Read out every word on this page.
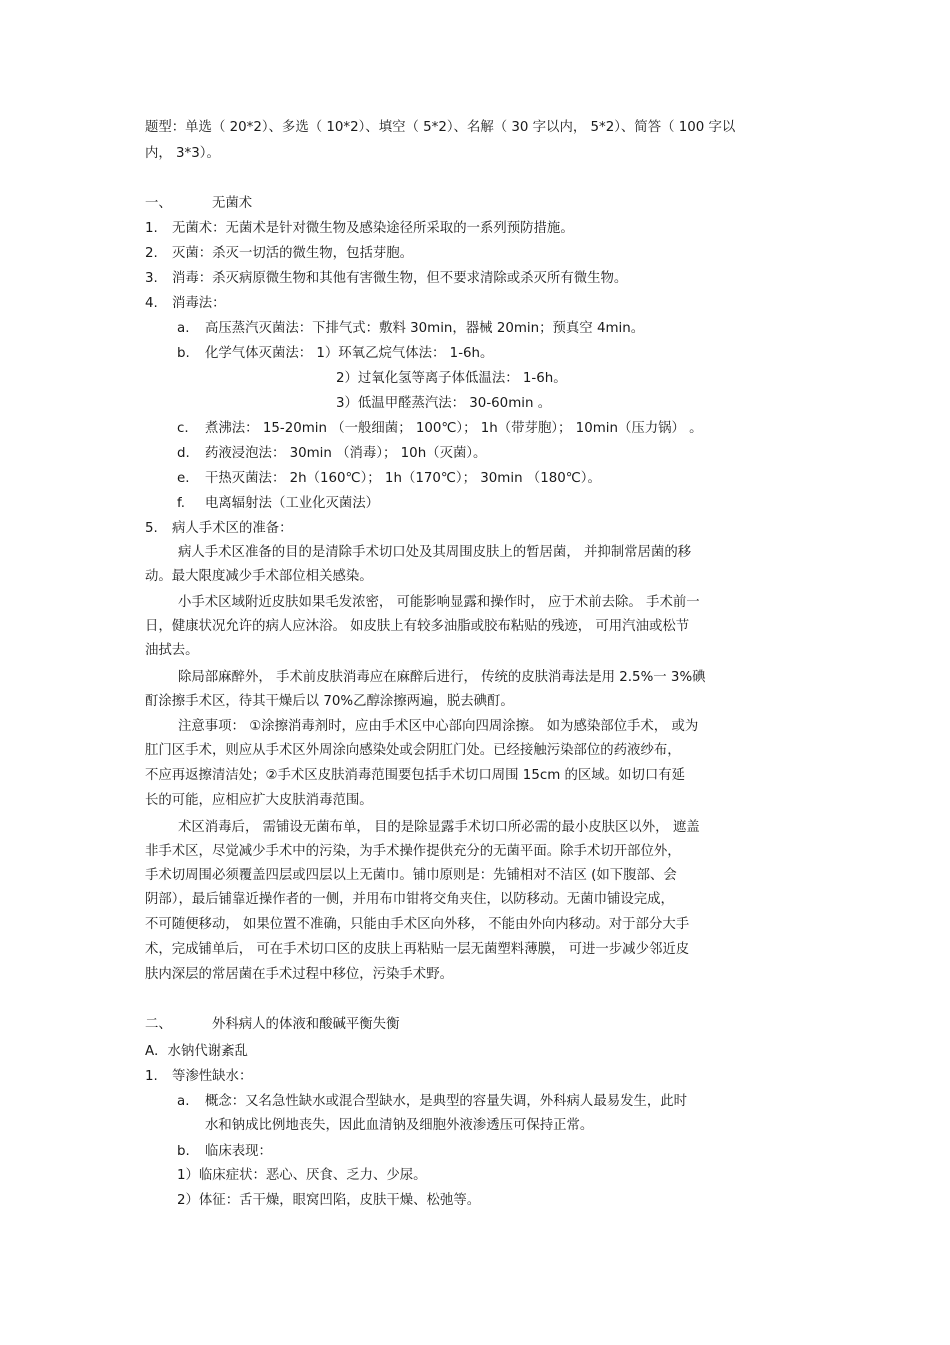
题型：单选（ 20*2）、多选（ 10*2）、填空（ 5*2）、名解（ 30 字以内， 5*2）、简答（ 100 字以
内， 3*3）。
一、	无菌术
1. 无菌术：无菌术是针对微生物及感染途径所采取的一系列预防措施。
2. 灭菌：杀灭一切活的微生物，包括芽胞。
3. 消毒：杀灭病原微生物和其他有害微生物，但不要求清除或杀灭所有微生物。
4. 消毒法：
a. 高压蒸汽灭菌法：下排气式：敷料 30min，器械 20min；预真空 4min。
b. 化学气体灭菌法： 1）环氧乙烷气体法： 1-6h。
2）过氧化氢等离子体低温法： 1-6h。
3）低温甲醛蒸汽法： 30-60min 。
c. 煮沸法： 15-20min （一般细菌； 100℃）； 1h（带芽胞）； 10min（压力锅） 。
d. 药液浸泡法： 30min （消毒）； 10h（灭菌）。
e. 干热灭菌法： 2h（160℃）； 1h（170℃）； 30min （180℃）。
f. 电离辐射法（工业化灭菌法）
5. 病人手术区的准备：
病人手术区准备的目的是清除手术切口处及其周围皮肤上的暂居菌， 并抑制常居菌的移
动。最大限度减少手术部位相关感染。
小手术区域附近皮肤如果毛发浓密， 可能影响显露和操作时， 应于术前去除。 手术前一
日，健康状况允许的病人应沐浴。 如皮肤上有较多油脂或胶布粘贴的残迹， 可用汽油或松节
油拭去。
除局部麻醉外， 手术前皮肤消毒应在麻醉后进行， 传统的皮肤消毒法是用 2.5%一 3%碘
酊涂擦手术区，待其干燥后以 70%乙醇涂擦两遍，脱去碘酊。
注意事项： ①涂擦消毒剂时，应由手术区中心部向四周涂擦。 如为感染部位手术， 或为
肛门区手术，则应从手术区外周涂向感染处或会阴肛门处。已经接触污染部位的药液纱布，
不应再返擦清洁处；②手术区皮肤消毒范围要包括手术切口周围 15cm 的区域。如切口有延
长的可能，应相应扩大皮肤消毒范围。
术区消毒后， 需铺设无菌布单， 目的是除显露手术切口所必需的最小皮肤区以外， 遮盖
非手术区，尽觉减少手术中的污染，为手术操作提供充分的无菌平面。除手术切开部位外，
手术切周围必须覆盖四层或四层以上无菌巾。铺巾原则是：先铺相对不洁区 (如下腹部、会
阴部），最后铺靠近操作者的一侧，并用布巾钳将交角夹住，以防移动。无菌巾铺设完成，
不可随便移动， 如果位置不准确，只能由手术区向外移， 不能由外向内移动。对于部分大手
术，完成铺单后， 可在手术切口区的皮肤上再粘贴一层无菌塑料薄膜， 可进一步减少邻近皮
肤内深层的常居菌在手术过程中移位，污染手术野。
二、	外科病人的体液和酸碱平衡失衡
A．水钠代谢紊乱
1. 等渗性缺水：
a. 概念：又名急性缺水或混合型缺水，是典型的容量失调，外科病人最易发生，此时
水和钠成比例地丧失，因此血清钠及细胞外液渗透压可保持正常。
b. 临床表现：
1）临床症状：恶心、厌食、乏力、少尿。
2）体征：舌干燥，眼窝凹陷，皮肤干燥、松弛等。
